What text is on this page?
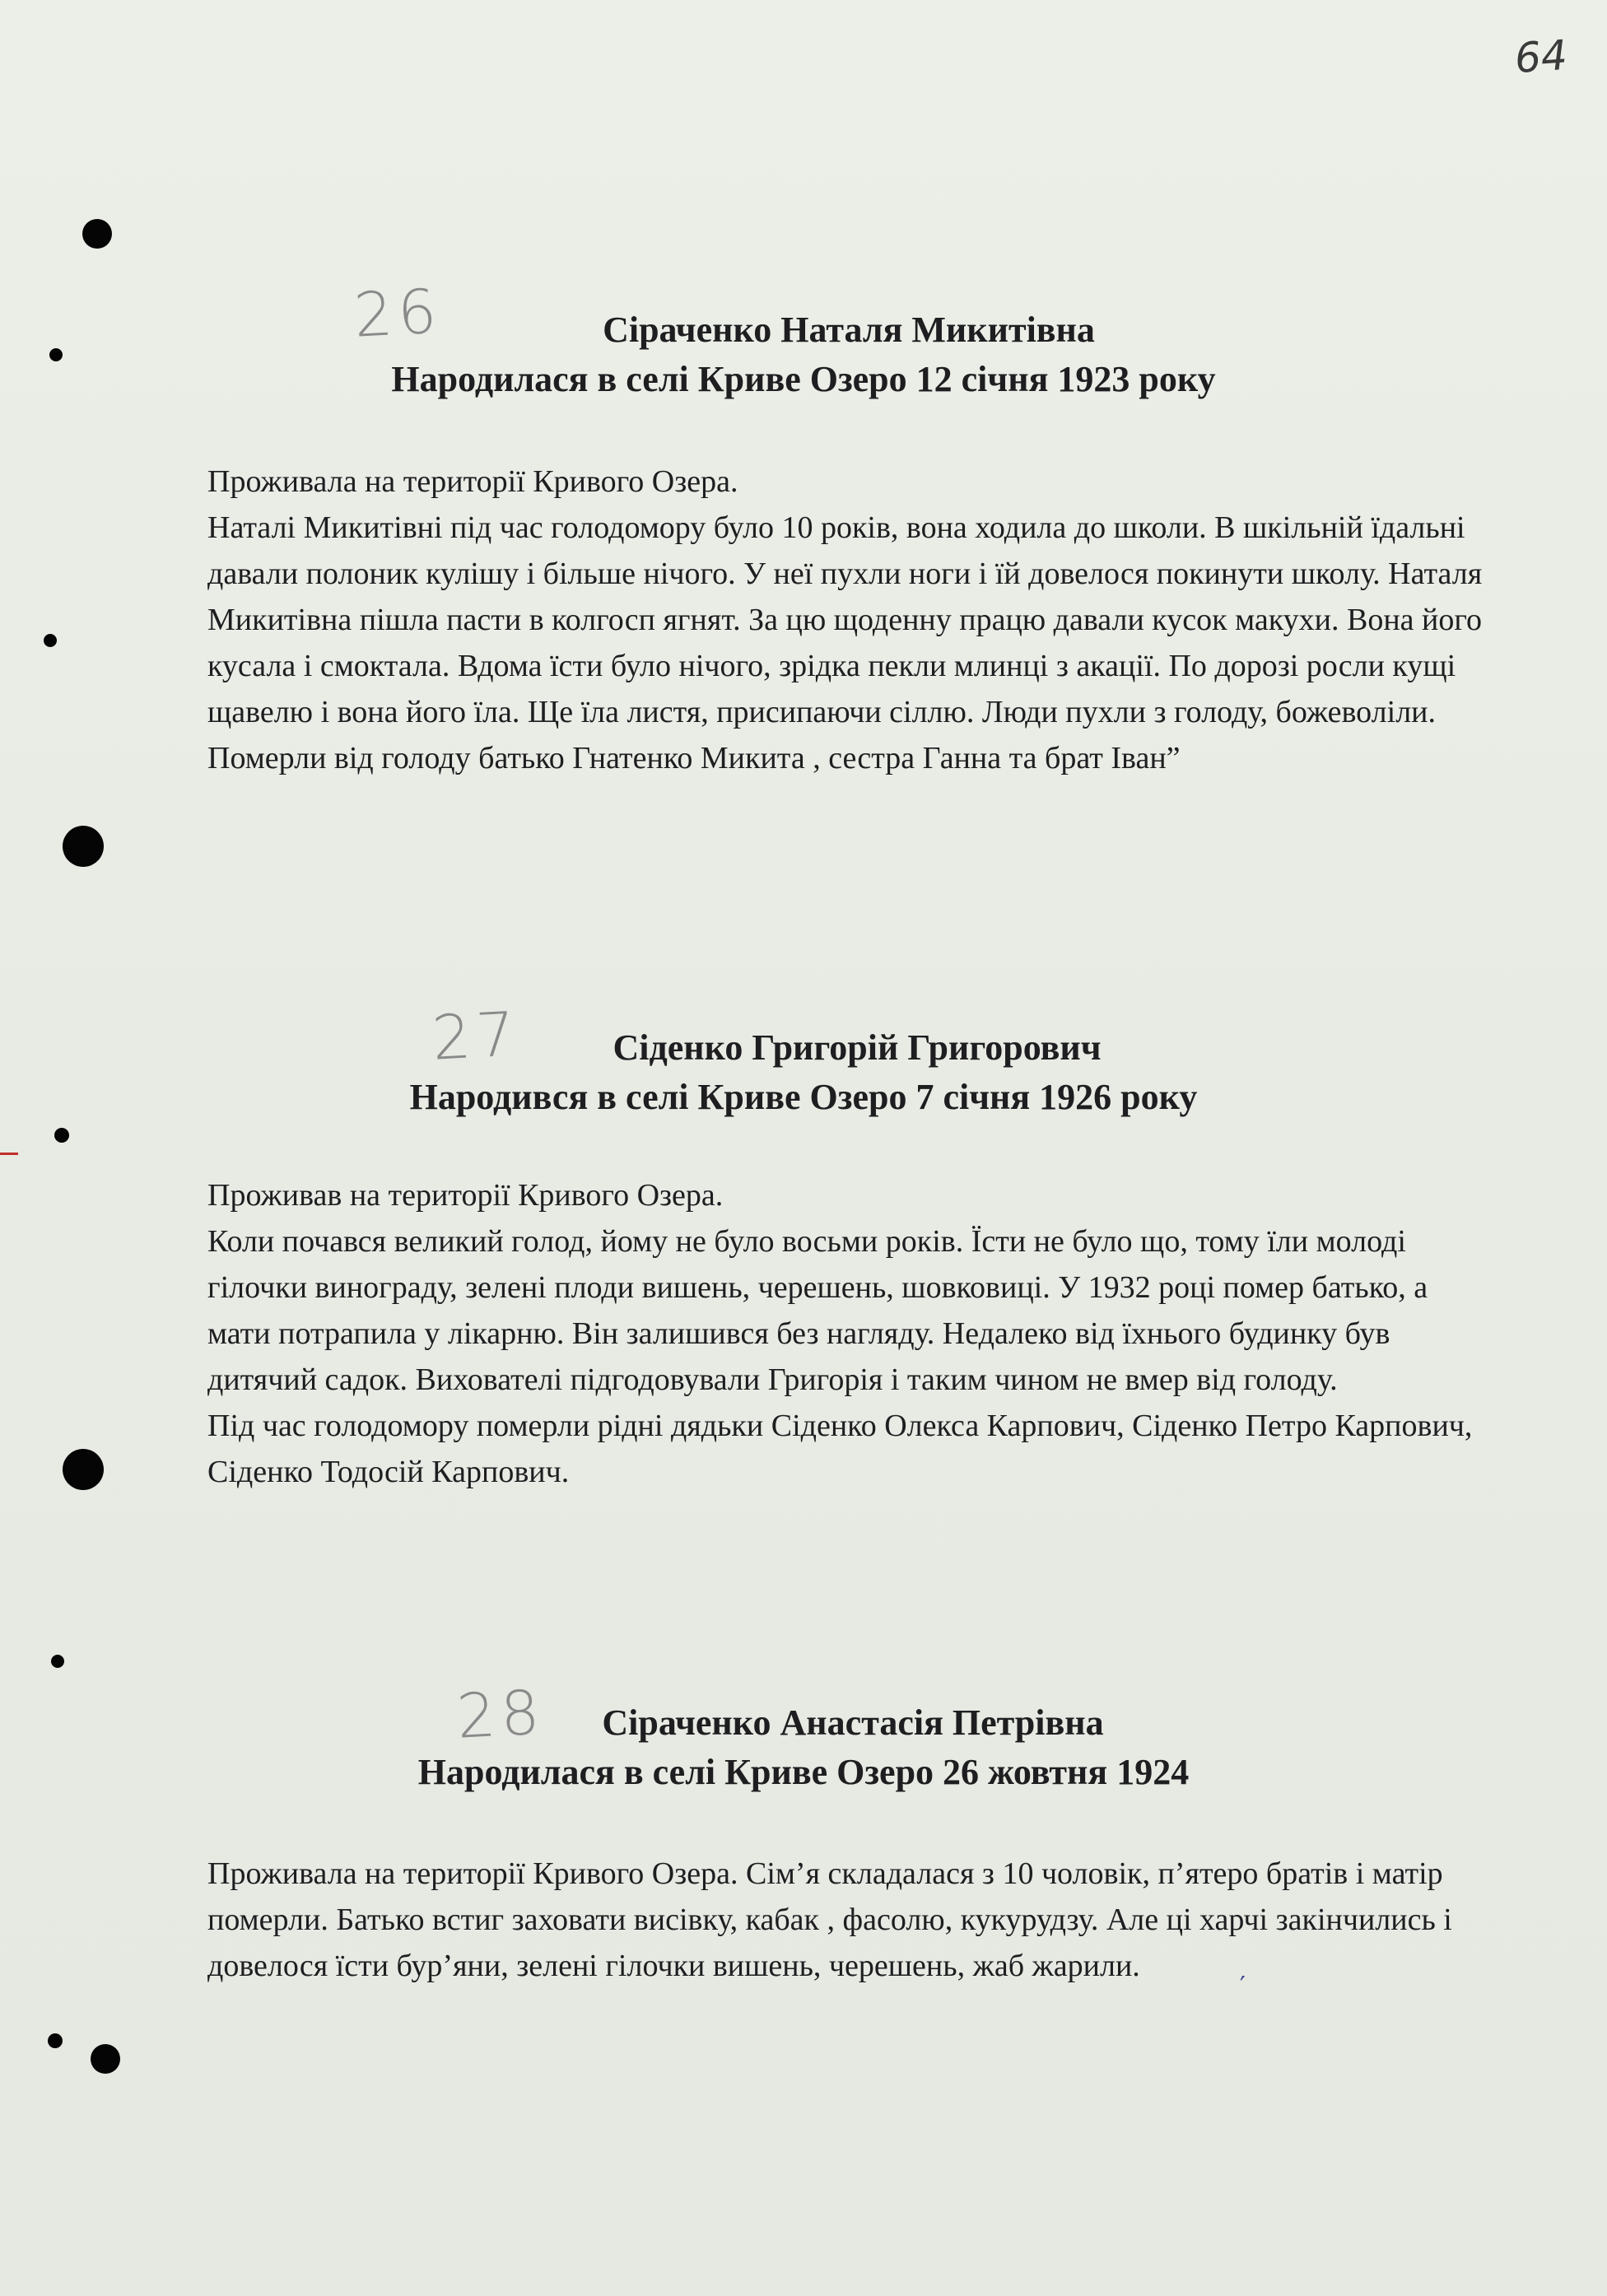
64
26	Сіраченко Наталя Микитівна
Народилася в селі Криве Озеро 12 січня 1923 року

Проживала на території Кривого Озера.

Наталі Микитівні під час голодомору було 10 років, вона ходила до школи. В шкільній їдальні давали полоник кулішу і більше нічого. У неї пухли ноги і їй довелося покинути школу. Наталя Микитівна пішла пасти в колгосп ягнят. За цю щоденну працю давали кусок макухи. Вона його кусала і смоктала. Вдома їсти було нічого, зрідка пекли млинці з акації. По дорозі росли кущі щавелю і вона його їла. Ще їла листя, присипаючи сіллю. Люди пухли з голоду, божеволіли. Померли від голоду батько Гнатенко Микита , сестра Ганна та брат Іван”

27	Сіденко Григорій Григорович
Народився в селі Криве Озеро 7 січня 1926 року

Проживав на території Кривого Озера.

Коли почався великий голод, йому не було восьми років. Їсти не було що, тому їли молоді гілочки винограду, зелені плоди вишень, черешень, шовковиці. У 1932 році помер батько, а мати потрапила у лікарню. Він залишився без нагляду. Недалеко від їхнього будинку був дитячий садок. Вихователі підгодовували Григорія і таким чином не вмер від голоду.

Під час голодомору померли рідні дядьки Сіденко Олекса Карпович, Сіденко Петро Карпович, Сіденко Тодосій Карпович.

28	Сіраченко Анастасія Петрівна
Народилася в селі Криве Озеро 26 жовтня 1924

Проживала на території Кривого Озера. Сім’я складалася з 10 чоловік, п’ятеро братів і матір померли. Батько встиг заховати висівку, кабак , фасолю, кукурудзу. Але ці харчі закінчились і довелося їсти бур’яни, зелені гілочки вишень, черешень, жаб жарили.

′
